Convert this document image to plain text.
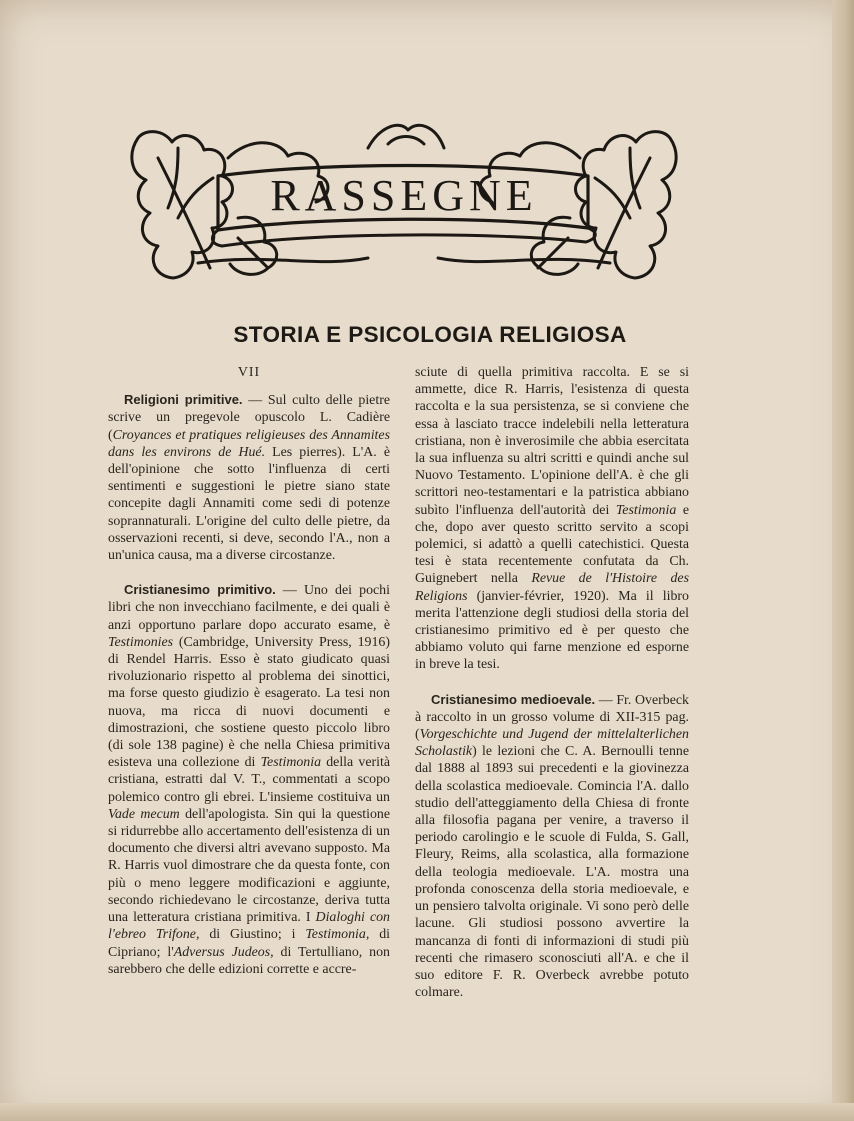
RASSEGNE
STORIA E PSICOLOGIA RELIGIOSA

VII

Religioni primitive. — Sul culto delle pietre scrive un pregevole opuscolo L. Cadière (Croyances et pratiques religieuses des Annamites dans les environs de Hué. Les pierres). L'A. è dell'opinione che sotto l'influenza di certi sentimenti e suggestioni le pietre siano state concepite dagli Annamiti come sedi di potenze soprannaturali. L'origine del culto delle pietre, da osservazioni recenti, si deve, secondo l'A., non a un'unica causa, ma a diverse circostanze.

Cristianesimo primitivo. — Uno dei pochi libri che non invecchiano facilmente, e dei quali è anzi opportuno parlare dopo accurato esame, è Testimonies (Cambridge, University Press, 1916) di Rendel Harris. Esso è stato giudicato quasi rivoluzionario rispetto al problema dei sinottici, ma forse questo giudizio è esagerato. La tesi non nuova, ma ricca di nuovi documenti e dimostrazioni, che sostiene questo piccolo libro (di sole 138 pagine) è che nella Chiesa primitiva esisteva una collezione di Testimonia della verità cristiana, estratti dal V. T., commentati a scopo polemico contro gli ebrei. L'insieme costituiva un Vade mecum dell'apologista. Sin qui la questione si ridurrebbe allo accertamento dell'esistenza di un documento che diversi altri avevano supposto. Ma R. Harris vuol dimostrare che da questa fonte, con più o meno leggere modificazioni e aggiunte, secondo richiedevano le circostanze, deriva tutta una letteratura cristiana primitiva. I Dialoghi con l'ebreo Trifone, di Giustino; i Testimonia, di Cipriano; l'Adversus Judeos, di Tertulliano, non sarebbero che delle edizioni corrette e accre-

sciute di quella primitiva raccolta. E se si ammette, dice R. Harris, l'esistenza di questa raccolta e la sua persistenza, se si conviene che essa à lasciato tracce indelebili nella letteratura cristiana, non è inverosimile che abbia esercitata la sua influenza su altri scritti e quindi anche sul Nuovo Testamento. L'opinione dell'A. è che gli scrittori neo-testamentari e la patristica abbiano subìto l'influenza dell'autorità dei Testimonia e che, dopo aver questo scritto servito a scopi polemici, si adattò a quelli catechistici. Questa tesi è stata recentemente confutata da Ch. Guignebert nella Revue de l'Histoire des Religions (janvier-février, 1920). Ma il libro merita l'attenzione degli studiosi della storia del cristianesimo primitivo ed è per questo che abbiamo voluto qui farne menzione ed esporne in breve la tesi.

Cristianesimo medioevale. — Fr. Overbeck à raccolto in un grosso volume di XII-315 pag. (Vorgeschichte und Jugend der mittelalterlichen Scholastik) le lezioni che C. A. Bernoulli tenne dal 1888 al 1893 sui precedenti e la giovinezza della scolastica medioevale. Comincia l'A. dallo studio dell'atteggiamento della Chiesa di fronte alla filosofia pagana per venire, a traverso il periodo carolingio e le scuole di Fulda, S. Gall, Fleury, Reims, alla scolastica, alla formazione della teologia medioevale. L'A. mostra una profonda conoscenza della storia medioevale, e un pensiero talvolta originale. Vi sono però delle lacune. Gli studiosi possono avvertire la mancanza di fonti di informazioni di studi più recenti che rimasero sconosciuti all'A. e che il suo editore F. R. Overbeck avrebbe potuto colmare.
